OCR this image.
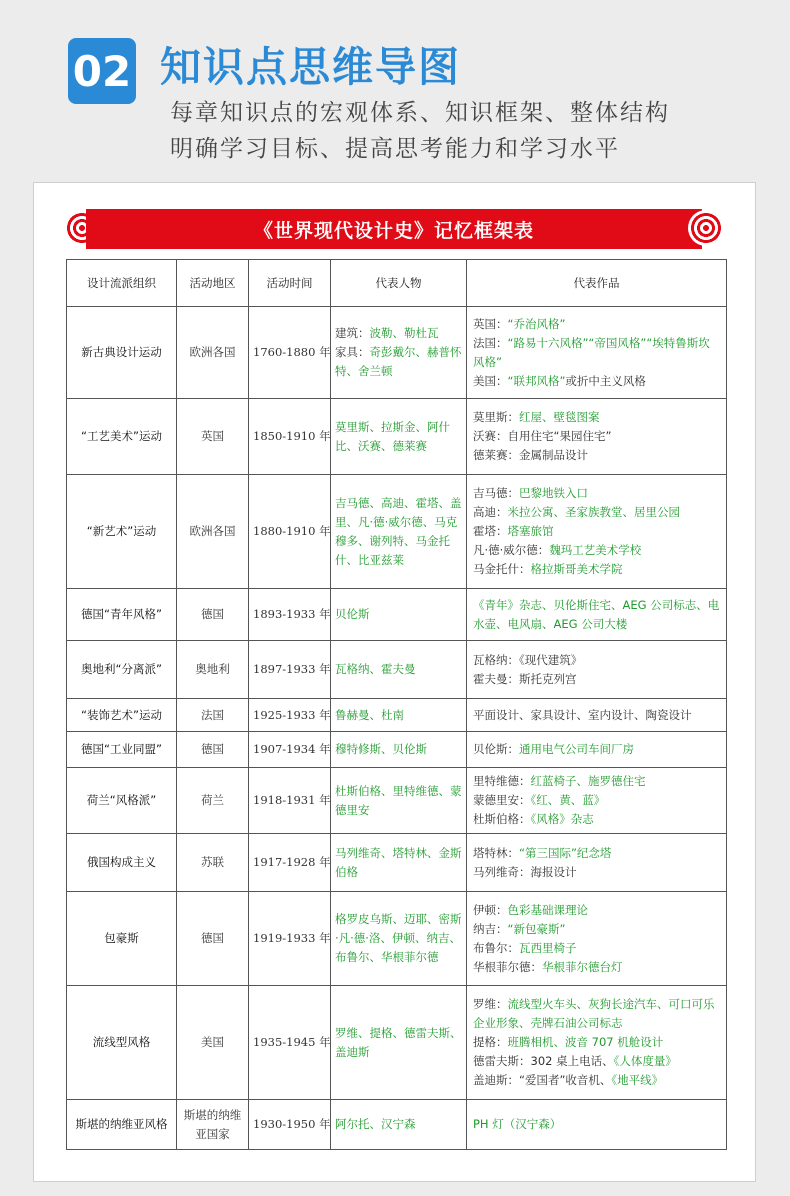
02 知识点思维导图
每章知识点的宏观体系、知识框架、整体结构
明确学习目标、提高思考能力和学习水平
《世界现代设计史》记忆框架表
设计流派组织	活动地区	活动时间	代表人物	代表作品
新古典设计运动	欧洲各国	1760-1880 年	建筑：波勒、勒杜瓦
家具：奇彭戴尔、赫普怀特、舍兰顿	英国：“乔治风格”
法国：“路易十六风格”“帝国风格”“埃特鲁斯坎风格”
美国：“联邦风格”或折中主义风格

“工艺美术”运动	英国	1850-1910 年	莫里斯、拉斯金、阿什比、沃赛、德莱赛	莫里斯：红屋、壁毯图案
沃赛：自用住宅“果园住宅”
德莱赛：金属制品设计

“新艺术”运动	欧洲各国	1880-1910 年	吉马德、高迪、霍塔、盖里、凡·德·威尔德、马克穆多、谢列特、马金托什、比亚兹莱	吉马德：巴黎地铁入口
高迪：米拉公寓、圣家族教堂、居里公园
霍塔：塔塞旅馆
凡·德·威尔德：魏玛工艺美术学校
马金托什：格拉斯哥美术学院

德国“青年风格”	德国	1893-1933 年	贝伦斯	《青年》杂志、贝伦斯住宅、AEG 公司标志、电水壶、电风扇、AEG 公司大楼

奥地利“分离派”	奥地利	1897-1933 年	瓦格纳、霍夫曼	瓦格纳：《现代建筑》
霍夫曼：斯托克列宫

“装饰艺术”运动	法国	1925-1933 年	鲁赫曼、杜南	平面设计、家具设计、室内设计、陶瓷设计

德国“工业同盟”	德国	1907-1934 年	穆特修斯、贝伦斯	贝伦斯：通用电气公司车间厂房

荷兰“风格派”	荷兰	1918-1931 年	杜斯伯格、里特维德、蒙德里安	里特维德：红蓝椅子、施罗德住宅
蒙德里安：《红、黄、蓝》
杜斯伯格：《风格》杂志

俄国构成主义	苏联	1917-1928 年	马列维奇、塔特林、金斯伯格	塔特林：“第三国际”纪念塔
马列维奇：海报设计

包豪斯	德国	1919-1933 年	格罗皮乌斯、迈耶、密斯·凡·德·洛、伊顿、纳吉、布鲁尔、华根菲尔德	伊顿：色彩基础课理论
纳吉：“新包豪斯”
布鲁尔：瓦西里椅子
华根菲尔德：华根菲尔德台灯

流线型风格	美国	1935-1945 年	罗维、提格、德雷夫斯、盖迪斯	罗维：流线型火车头、灰狗长途汽车、可口可乐企业形象、壳牌石油公司标志
提格：班腾相机、波音 707 机舱设计
德雷夫斯：302 桌上电话、《人体度量》
盖迪斯：“爱国者”收音机、《地平线》

斯堪的纳维亚风格	斯堪的纳维亚国家	1930-1950 年	阿尔托、汉宁森	PH 灯（汉宁森）
